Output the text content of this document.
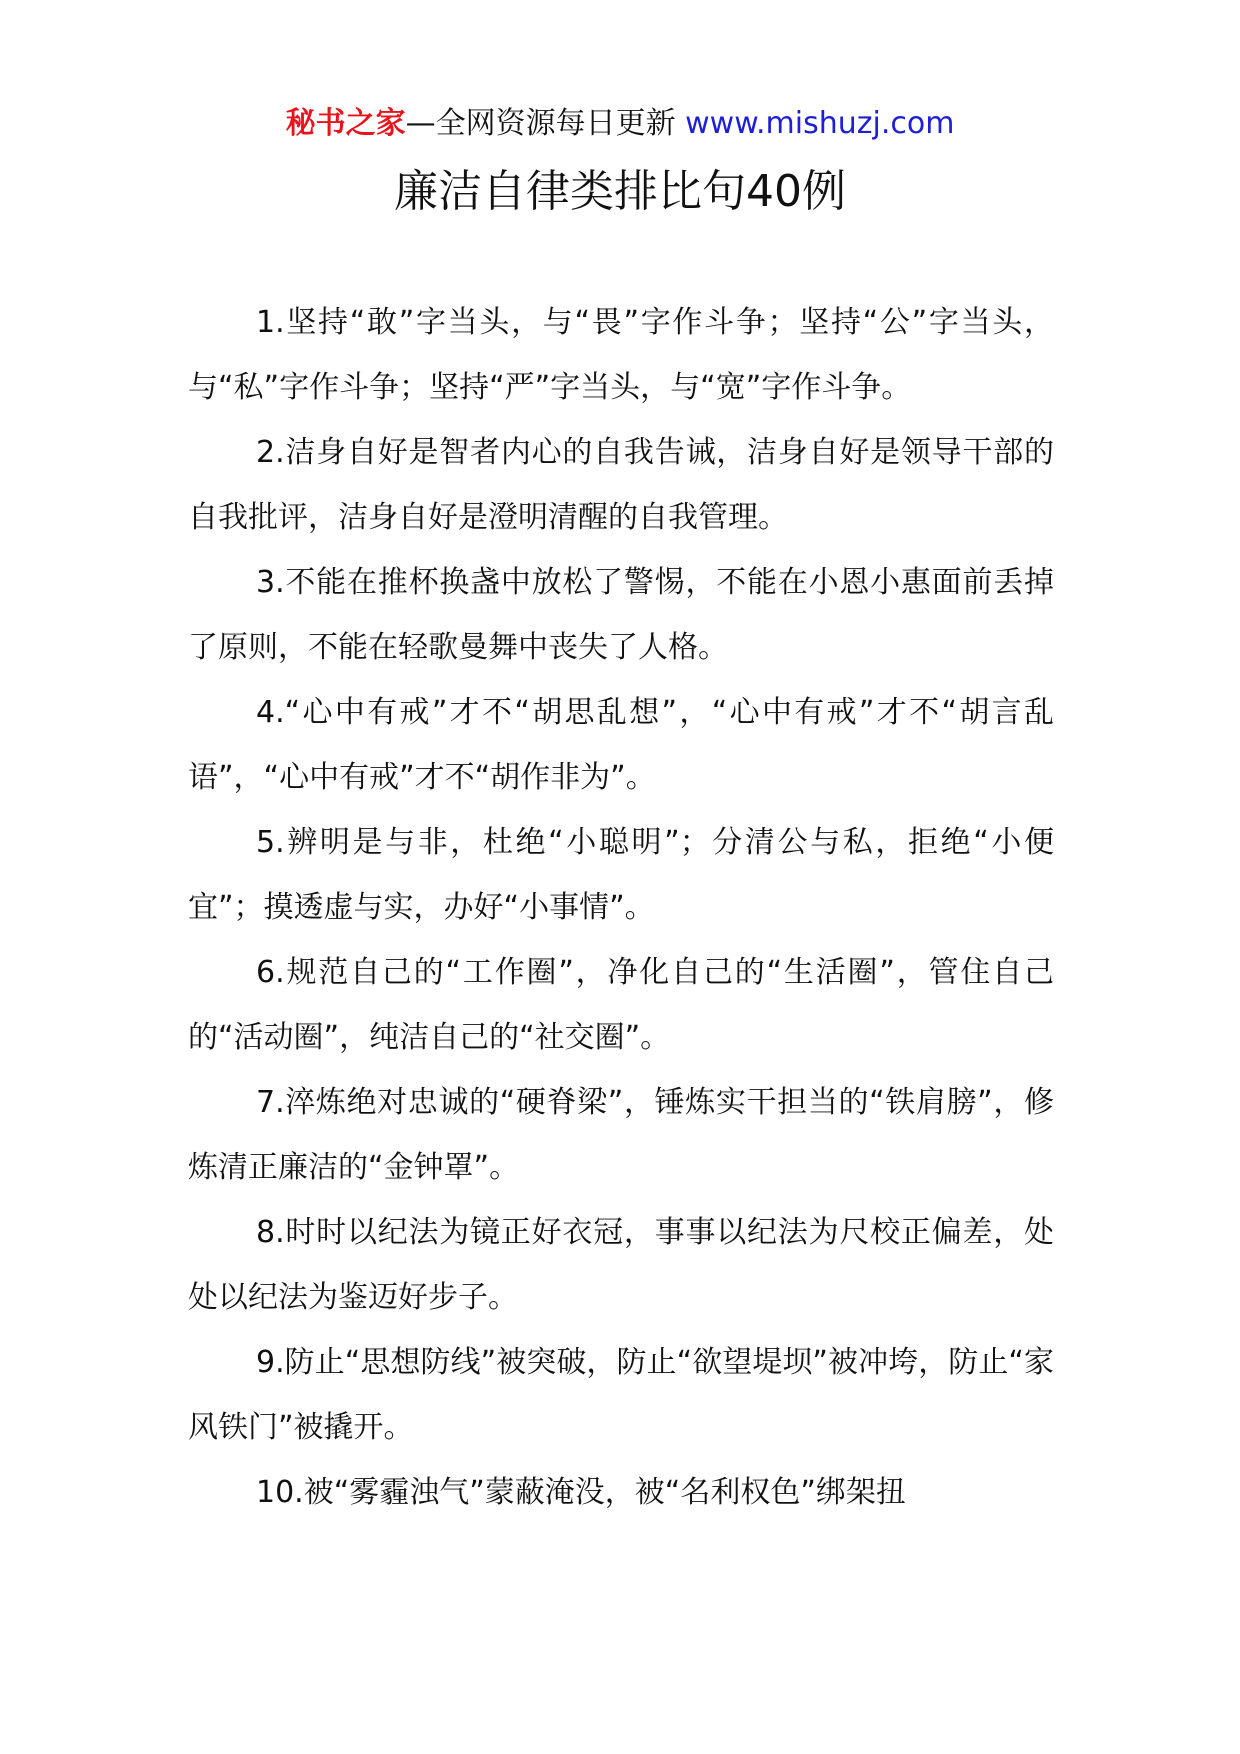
秘书之家—全网资源每日更新 www.mishuzj.com
廉洁自律类排比句40例

1.坚持“敢”字当头，与“畏”字作斗争；坚持“公”字当头，与“私”字作斗争；坚持“严”字当头，与“宽”字作斗争。

2.洁身自好是智者内心的自我告诫，洁身自好是领导干部的自我批评，洁身自好是澄明清醒的自我管理。

3.不能在推杯换盏中放松了警惕，不能在小恩小惠面前丢掉了原则，不能在轻歌曼舞中丧失了人格。

4.“心中有戒”才不“胡思乱想”，“心中有戒”才不“胡言乱语”，“心中有戒”才不“胡作非为”。

5.辨明是与非，杜绝“小聪明”；分清公与私，拒绝“小便宜”；摸透虚与实，办好“小事情”。

6.规范自己的“工作圈”，净化自己的“生活圈”，管住自己的“活动圈”，纯洁自己的“社交圈”。

7.淬炼绝对忠诚的“硬脊梁”，锤炼实干担当的“铁肩膀”，修炼清正廉洁的“金钟罩”。

8.时时以纪法为镜正好衣冠，事事以纪法为尺校正偏差，处处以纪法为鉴迈好步子。

9.防止“思想防线”被突破，防止“欲望堤坝”被冲垮，防止“家风铁门”被撬开。

10.被“雾霾浊气”蒙蔽淹没，被“名利权色”绑架扭
